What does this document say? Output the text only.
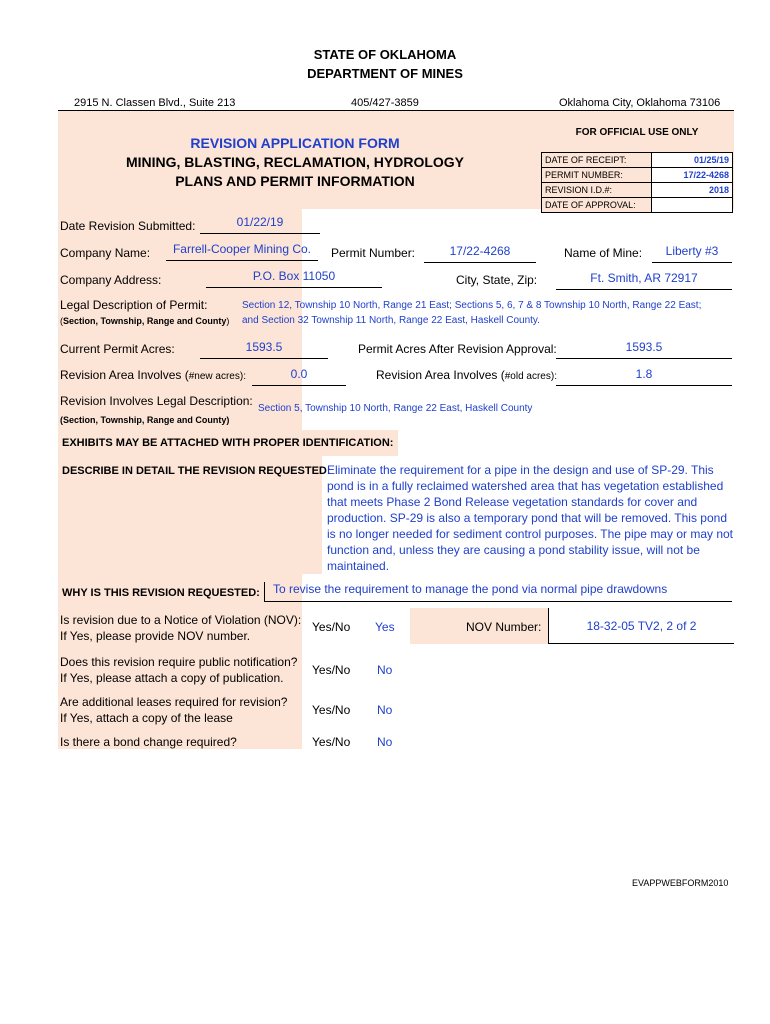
STATE OF OKLAHOMA
DEPARTMENT OF MINES
2915 N. Classen Blvd., Suite 213	405/427-3859	Oklahoma City, Oklahoma 73106
FOR OFFICIAL USE ONLY
DATE OF RECEIPT:	01/25/19
PERMIT NUMBER:	17/22-4268
REVISION I.D.#:	2018
DATE OF APPROVAL:	
REVISION APPLICATION FORM
MINING, BLASTING, RECLAMATION, HYDROLOGY
PLANS AND PERMIT INFORMATION
Date Revision Submitted:	01/22/19
Company Name:	Farrell-Cooper Mining Co.	Permit Number:	17/22-4268	Name of Mine:	Liberty #3
Company Address:	P.O. Box 11050	City, State, Zip:	Ft. Smith, AR 72917
Legal Description of Permit:
(Section, Township, Range and County)
Section 12, Township 10 North, Range 21 East; Sections 5, 6, 7 & 8 Township 10 North, Range 22 East;
and Section 32 Township 11 North, Range 22 East, Haskell County.
Current Permit Acres:	1593.5	Permit Acres After Revision Approval:	1593.5
Revision Area Involves (#new acres):	0.0	Revision Area Involves (#old acres):	1.8
Revision Involves Legal Description:
(Section, Township, Range and County)
Section 5, Township 10 North, Range 22 East, Haskell County
EXHIBITS MAY BE ATTACHED WITH PROPER IDENTIFICATION:
DESCRIBE IN DETAIL THE REVISION REQUESTED:
Eliminate the requirement for a pipe in the design and use of SP-29. This
pond is in a fully reclaimed watershed area that has vegetation established
that meets Phase 2 Bond Release vegetation standards for cover and
production. SP-29 is also a temporary pond that will be removed. This pond
is no longer needed for sediment control purposes. The pipe may or may not
function and, unless they are causing a pond stability issue, will not be
maintained.
WHY IS THIS REVISION REQUESTED:	To revise the requirement to manage the pond via normal pipe drawdowns
Is revision due to a Notice of Violation (NOV):
If Yes, please provide NOV number.
Yes/No Yes	NOV Number:	18-32-05 TV2, 2 of 2
Does this revision require public notification?
If Yes, please attach a copy of publication.
Yes/No No
Are additional leases required for revision?
If Yes, attach a copy of the lease
Yes/No No
Is there a bond change required?	Yes/No No
EVAPPWEBFORM2010
